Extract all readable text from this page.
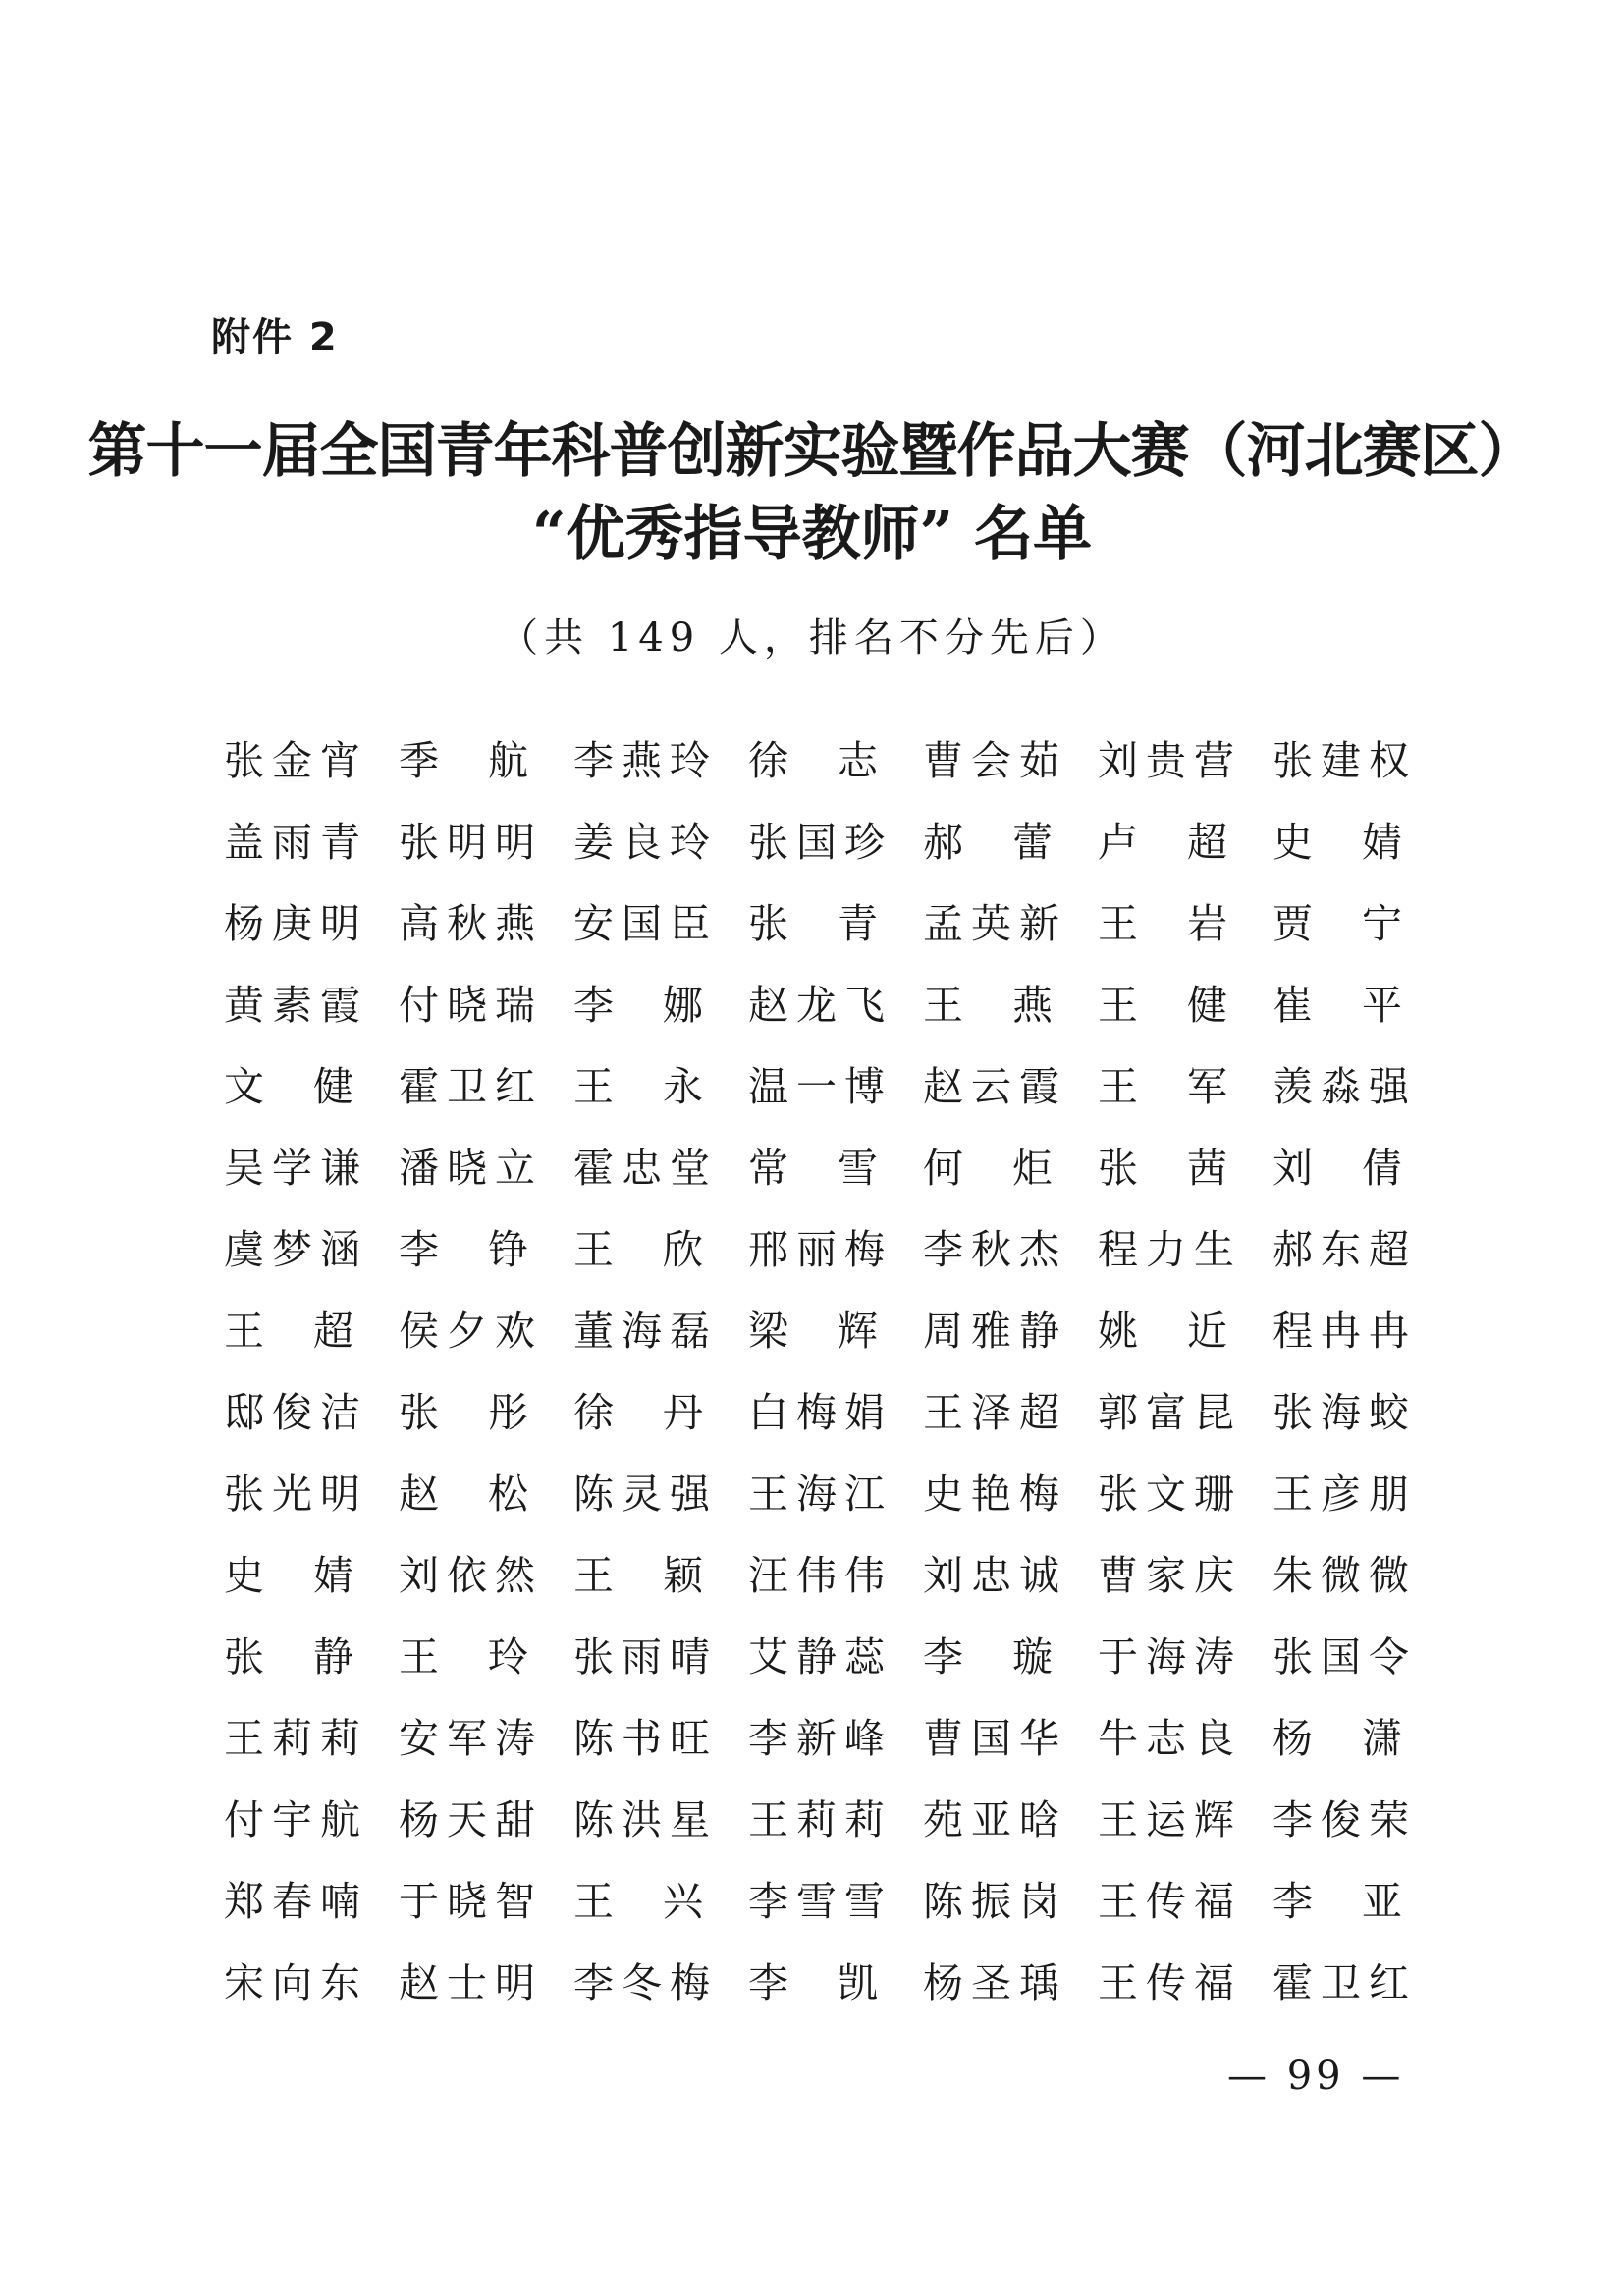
附件 2
第十一届全国青年科普创新实验暨作品大赛（河北赛区）
“优秀指导教师” 名单
（共 149 人，排名不分先后）
张金宵 季 航 李燕玲 徐 志 曹会茹 刘贵营 张建权
盖雨青 张明明 姜良玲 张国珍 郝 蕾 卢 超 史 婧
杨庚明 高秋燕 安国臣 张 青 孟英新 王 岩 贾 宁
黄素霞 付晓瑞 李 娜 赵龙飞 王 燕 王 健 崔 平
文 健 霍卫红 王 永 温一博 赵云霞 王 军 羡淼强
吴学谦 潘晓立 霍忠堂 常 雪 何 炬 张 茜 刘 倩
虞梦涵 李 铮 王 欣 邢丽梅 李秋杰 程力生 郝东超
王 超 侯夕欢 董海磊 梁 辉 周雅静 姚 近 程冉冉
邸俊洁 张 彤 徐 丹 白梅娟 王泽超 郭富昆 张海蛟
张光明 赵 松 陈灵强 王海江 史艳梅 张文珊 王彦朋
史 婧 刘依然 王 颖 汪伟伟 刘忠诚 曹家庆 朱微微
张 静 王 玲 张雨晴 艾静蕊 李 璇 于海涛 张国令
王莉莉 安军涛 陈书旺 李新峰 曹国华 牛志良 杨 潇
付宇航 杨天甜 陈洪星 王莉莉 苑亚晗 王运辉 李俊荣
郑春喃 于晓智 王 兴 李雪雪 陈振岗 王传福 李 亚
宋向东 赵士明 李冬梅 李 凯 杨圣瑀 王传福 霍卫红
— 99 —
